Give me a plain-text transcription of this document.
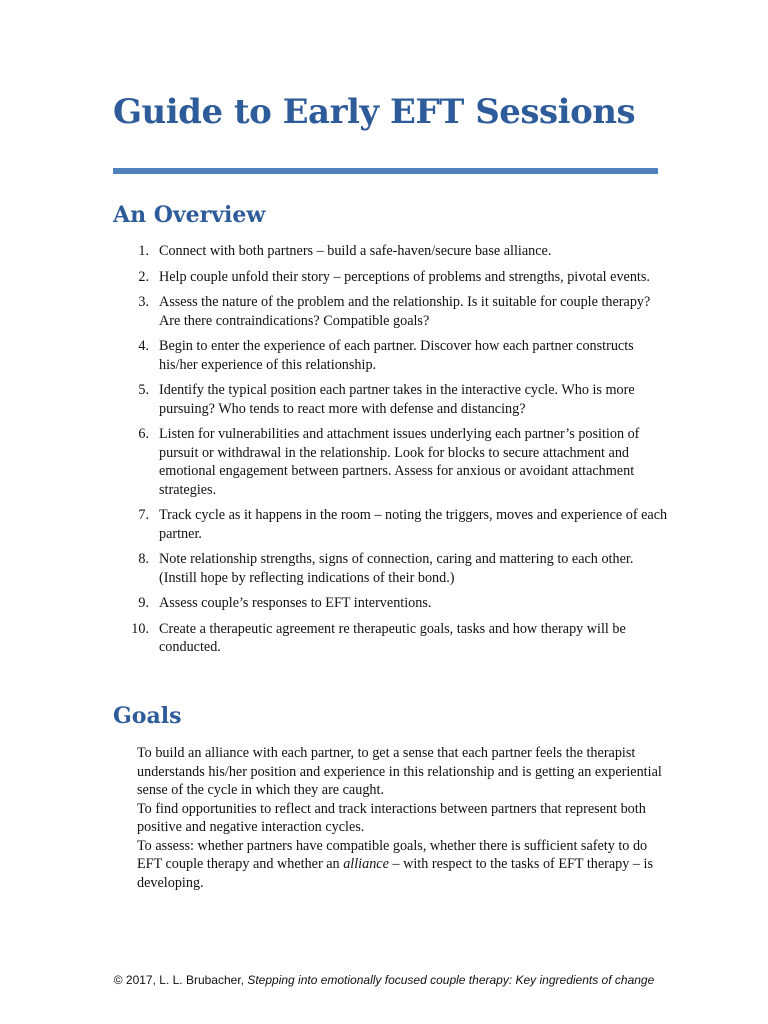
Guide to Early EFT Sessions
An Overview
1. Connect with both partners – build a safe-haven/secure base alliance.
2. Help couple unfold their story – perceptions of problems and strengths, pivotal events.
3. Assess the nature of the problem and the relationship. Is it suitable for couple therapy? Are there contraindications? Compatible goals?
4. Begin to enter the experience of each partner. Discover how each partner constructs his/her experience of this relationship.
5. Identify the typical position each partner takes in the interactive cycle. Who is more pursuing? Who tends to react more with defense and distancing?
6. Listen for vulnerabilities and attachment issues underlying each partner’s position of pursuit or withdrawal in the relationship. Look for blocks to secure attachment and emotional engagement between partners. Assess for anxious or avoidant attachment strategies.
7. Track cycle as it happens in the room – noting the triggers, moves and experience of each partner.
8. Note relationship strengths, signs of connection, caring and mattering to each other. (Instill hope by reflecting indications of their bond.)
9. Assess couple’s responses to EFT interventions.
10. Create a therapeutic agreement re therapeutic goals, tasks and how therapy will be conducted.
Goals

To build an alliance with each partner, to get a sense that each partner feels the therapist understands his/her position and experience in this relationship and is getting an experiential sense of the cycle in which they are caught.

To find opportunities to reflect and track interactions between partners that represent both positive and negative interaction cycles.

To assess: whether partners have compatible goals, whether there is sufficient safety to do EFT couple therapy and whether an alliance – with respect to the tasks of EFT therapy – is developing.

© 2017, L. L. Brubacher, Stepping into emotionally focused couple therapy: Key ingredients of change
